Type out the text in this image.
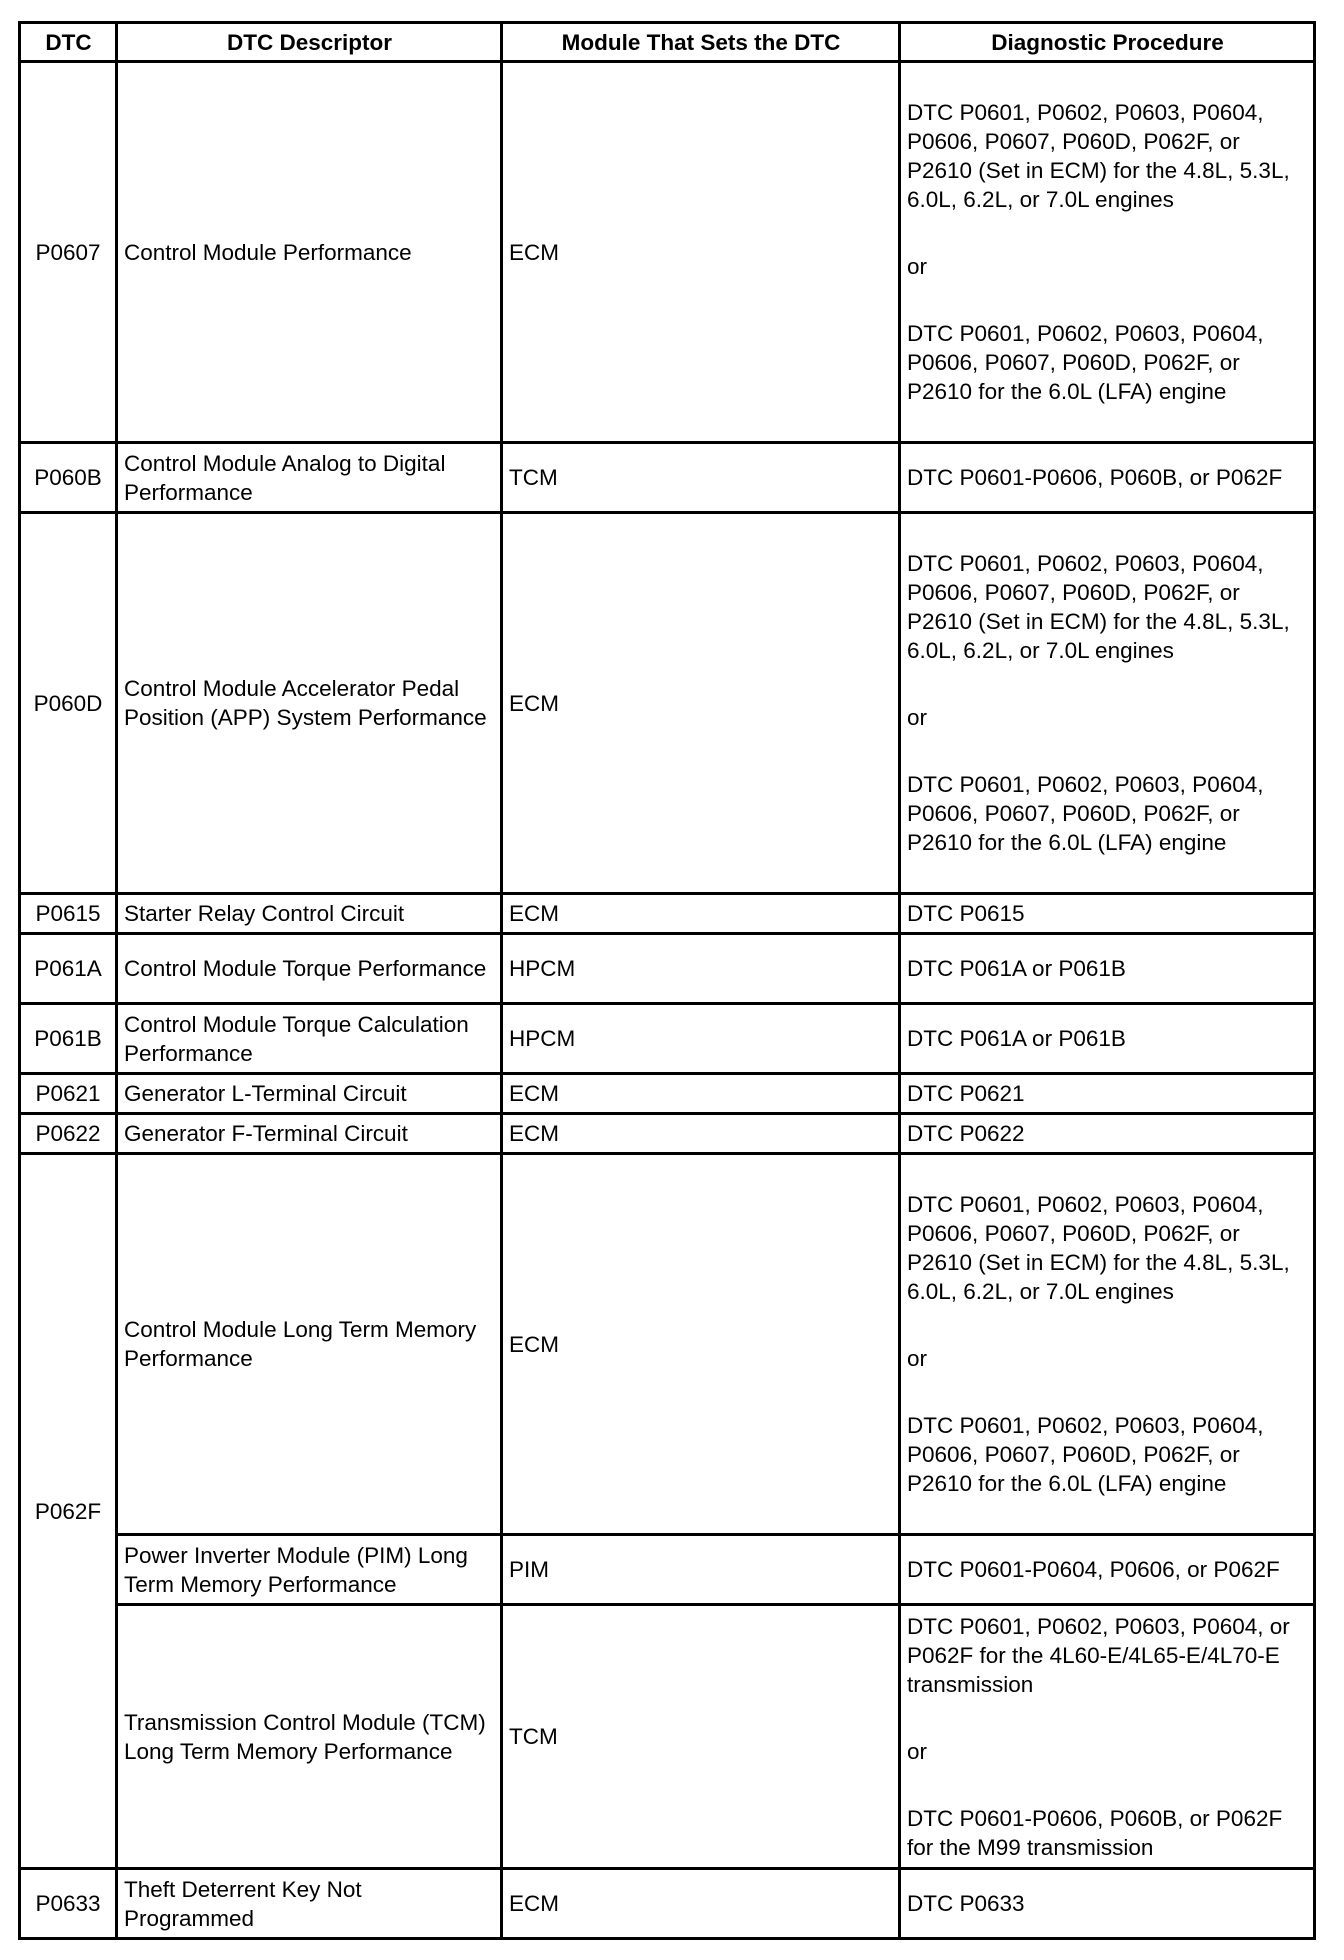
DTC	DTC Descriptor	Module That Sets the DTC	Diagnostic Procedure
P0607	Control Module Performance	ECM	DTC P0601, P0602, P0603, P0604, P0606, P0607, P060D, P062F, or P2610 (Set in ECM) for the 4.8L, 5.3L, 6.0L, 6.2L, or 7.0L engines
or
DTC P0601, P0602, P0603, P0604, P0606, P0607, P060D, P062F, or P2610 for the 6.0L (LFA) engine

P060B	Control Module Analog to Digital Performance	TCM	DTC P0601-P0606, P060B, or P062F
P060D	Control Module Accelerator Pedal Position (APP) System Performance	ECM	DTC P0601, P0602, P0603, P0604, P0606, P0607, P060D, P062F, or P2610 (Set in ECM) for the 4.8L, 5.3L, 6.0L, 6.2L, or 7.0L engines
or
DTC P0601, P0602, P0603, P0604, P0606, P0607, P060D, P062F, or P2610 for the 6.0L (LFA) engine

P0615	Starter Relay Control Circuit	ECM	DTC P0615
P061A	Control Module Torque Performance	HPCM	DTC P061A or P061B
P061B	Control Module Torque Calculation Performance	HPCM	DTC P061A or P061B
P0621	Generator L-Terminal Circuit	ECM	DTC P0621
P0622	Generator F-Terminal Circuit	ECM	DTC P0622
P062F	Control Module Long Term Memory Performance	ECM	DTC P0601, P0602, P0603, P0604, P0606, P0607, P060D, P062F, or P2610 (Set in ECM) for the 4.8L, 5.3L, 6.0L, 6.2L, or 7.0L engines
or
DTC P0601, P0602, P0603, P0604, P0606, P0607, P060D, P062F, or P2610 for the 6.0L (LFA) engine

	Power Inverter Module (PIM) Long Term Memory Performance	PIM	DTC P0601-P0604, P0606, or P062F
	Transmission Control Module (TCM) Long Term Memory Performance	TCM	DTC P0601, P0602, P0603, P0604, or P062F for the 4L60-E/4L65-E/4L70-E transmission
or
DTC P0601-P0606, P060B, or P062F for the M99 transmission

P0633	Theft Deterrent Key Not Programmed	ECM	DTC P0633
